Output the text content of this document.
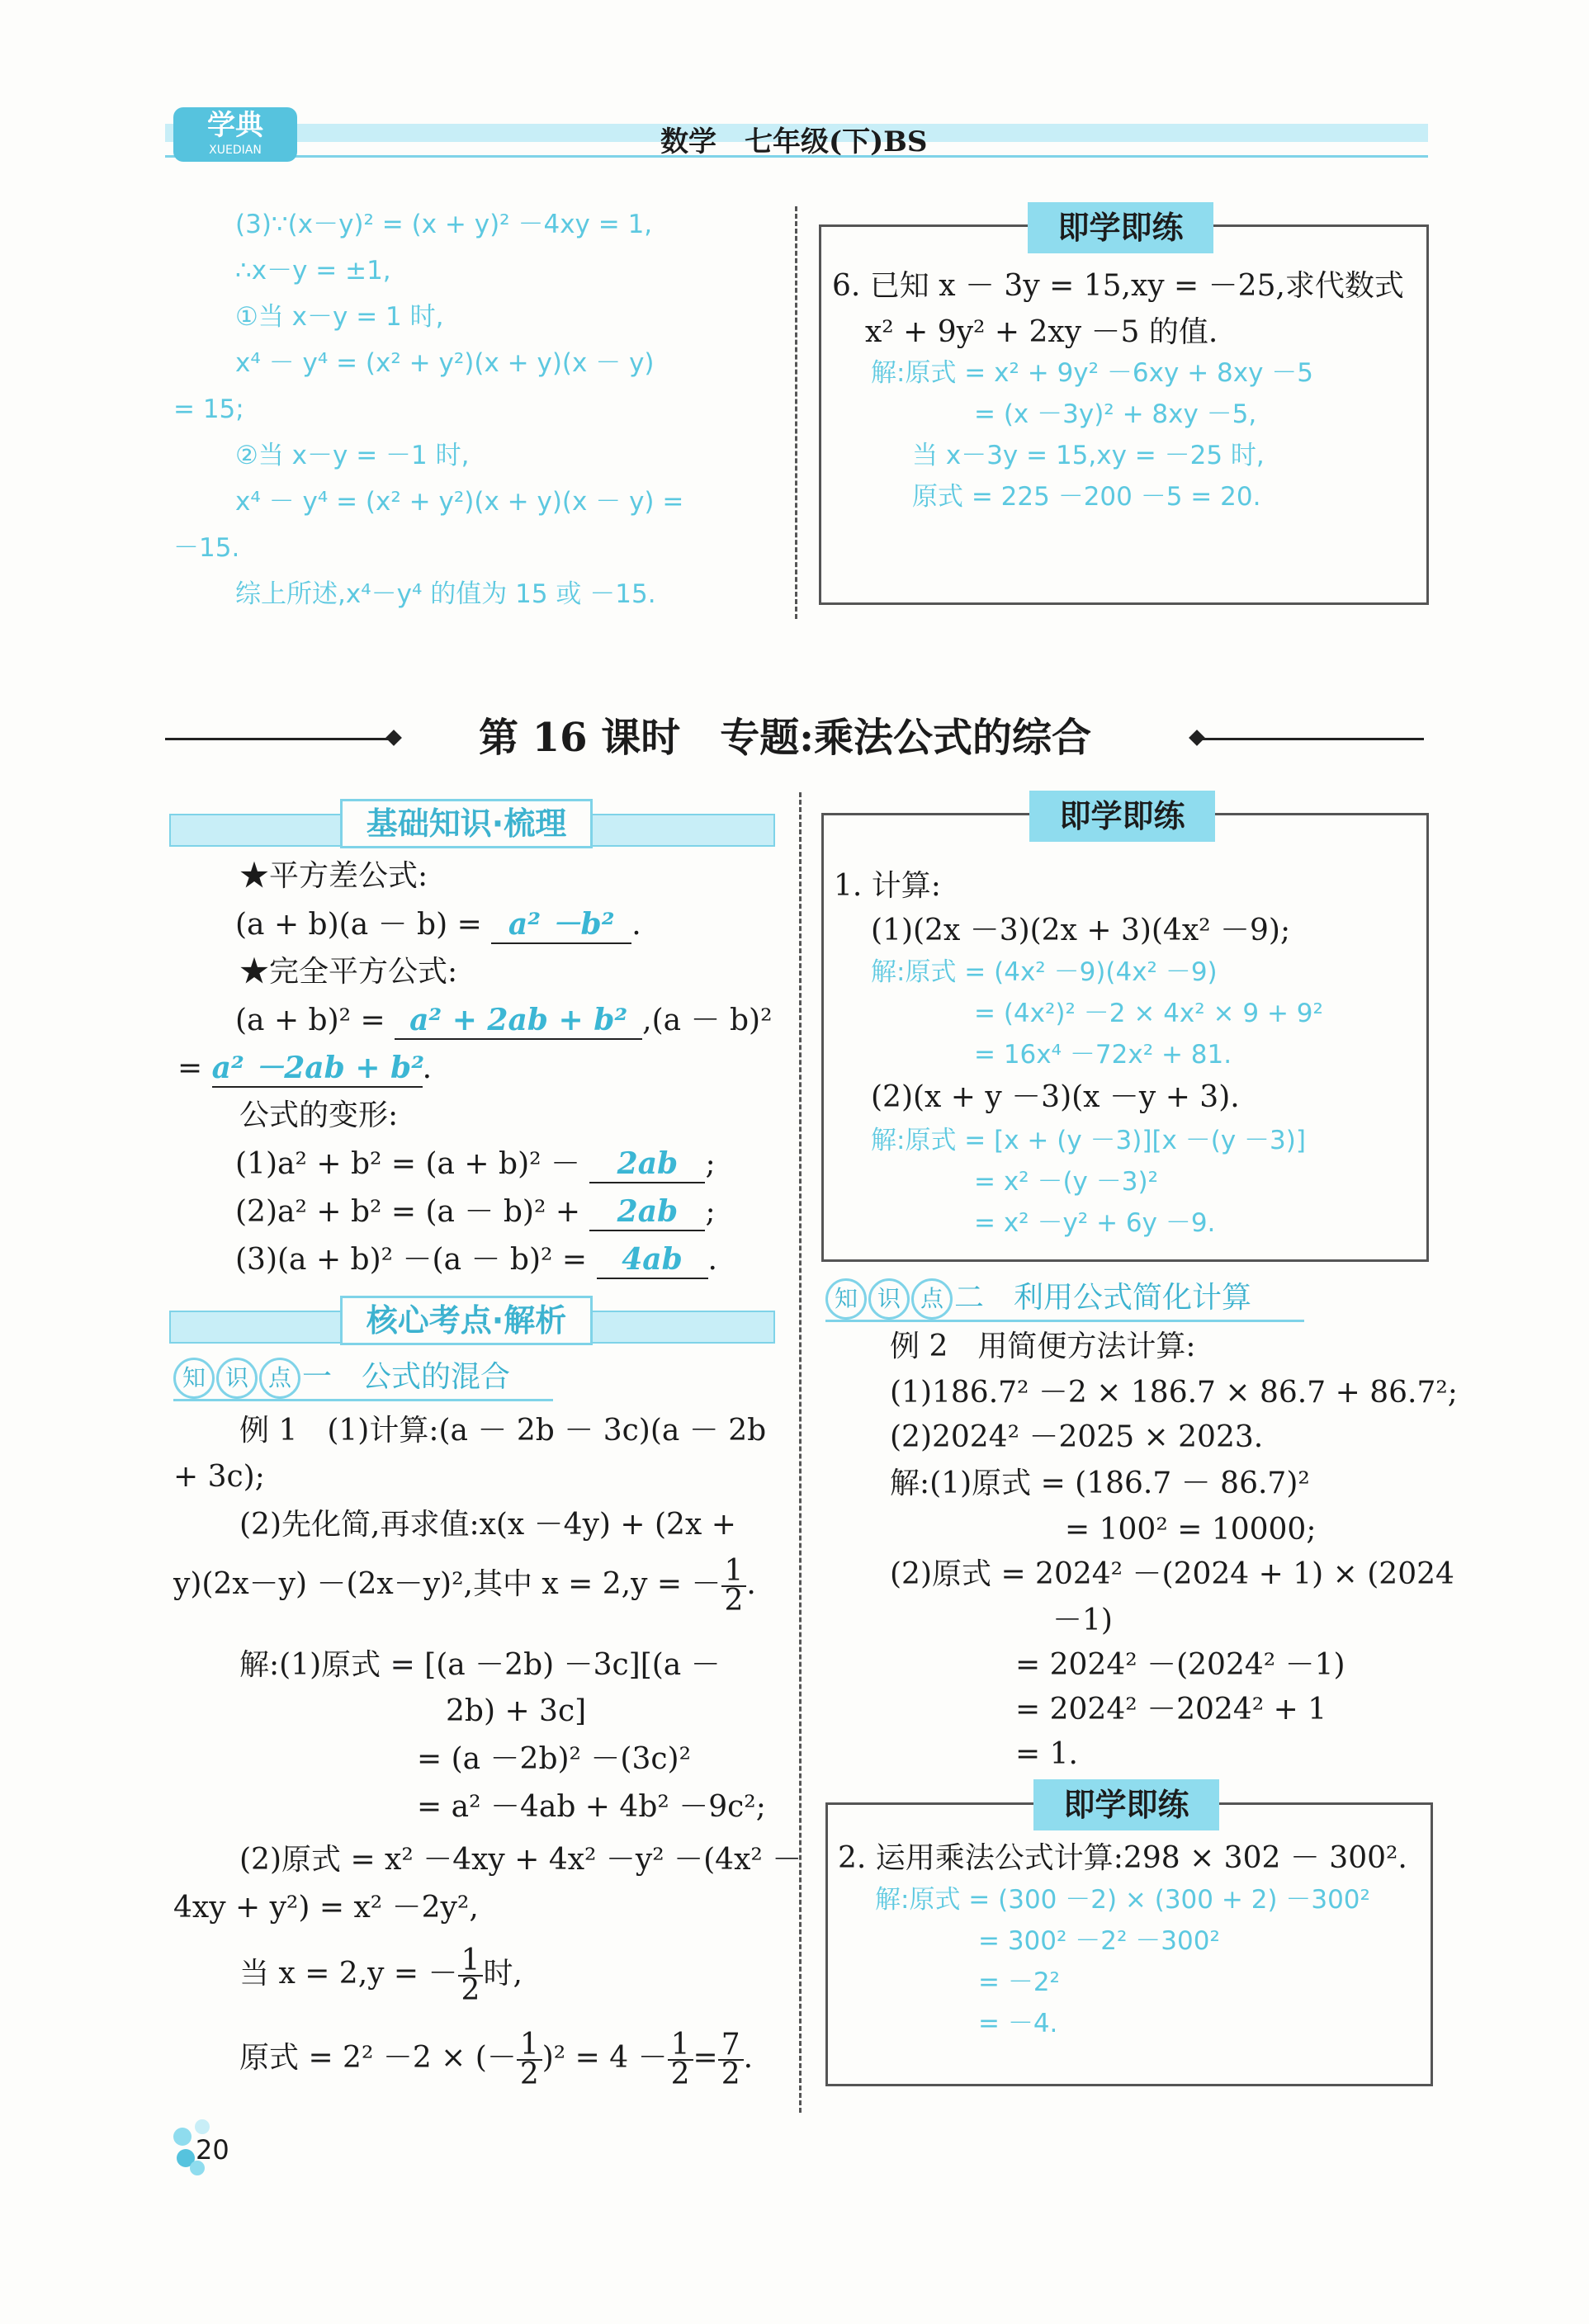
学典
XUEDIAN	数学　七年级(下)BS
(3)∵(x－y)² = (x + y)² －4xy = 1,
∴x－y = ±1,
①当 x－y = 1 时,
x⁴ － y⁴ = (x² + y²)(x + y)(x － y)
= 15;
②当 x－y = －1 时,
x⁴ － y⁴ = (x² + y²)(x + y)(x － y) =
－15.
综上所述,x⁴－y⁴ 的值为 15 或 －15.
即学即练
6. 已知 x － 3y = 15,xy = －25,求代数式
x² + 9y² + 2xy －5 的值.
解:原式 = x² + 9y² －6xy + 8xy －5
= (x －3y)² + 8xy －5,
当 x－3y = 15,xy = －25 时,
原式 = 225 －200 －5 = 20.
第 16 课时　专题:乘法公式的综合
基础知识·梳理
★平方差公式:
(a + b)(a － b) = a² －b² .
★完全平方公式:
(a + b)² = a² + 2ab + b² ,(a － b)²
= a² －2ab + b².
公式的变形:
(1)a² + b² = (a + b)² － 2ab ;
(2)a² + b² = (a － b)² + 2ab ;
(3)(a + b)² －(a － b)² = 4ab .
核心考点·解析
知 识 点 一　公式的混合
例 1　(1)计算:(a － 2b － 3c)(a － 2b
+ 3c);
(2)先化简,再求值:x(x －4y) + (2x +
y)(2x－y) －(2x－y)²,其中 x = 2,y = － $\frac{1}{2}$ .
解:(1)原式 = [(a －2b) －3c][(a －
2b) + 3c]
= (a －2b)² －(3c)²
= a² －4ab + 4b² －9c²;
(2)原式 = x² －4xy + 4x² －y² －(4x² －
4xy + y²) = x² －2y²,
当 x = 2,y = － $\frac{1}{2}$ 时,
原式 = 2² －2 × (－ $\frac{1}{2} )^2 = 4 - \frac{1}{2} = \frac{7}{2}$ .
即学即练
1. 计算:
(1)(2x －3)(2x + 3)(4x² －9);
解:原式 = (4x² －9)(4x² －9)
= (4x²)² －2 × 4x² × 9 + 9²
= 16x⁴ －72x² + 81.
(2)(x + y －3)(x －y + 3).
解:原式 = [x + (y －3)][x －(y －3)]
= x² －(y －3)²
= x² －y² + 6y －9.
知 识 点 二　利用公式简化计算
例 2　用简便方法计算:
(1)186.7² －2 × 186.7 × 86.7 + 86.7²;
(2)2024² －2025 × 2023.
解:(1)原式 = (186.7 － 86.7)²
= 100² = 10000;
(2)原式 = 2024² －(2024 + 1) × (2024
－1)
= 2024² －(2024² －1)
= 2024² －2024² + 1
= 1.
即学即练
2. 运用乘法公式计算:298 × 302 － 300².
解:原式 = (300 －2) × (300 + 2) －300²
= 300² －2² －300²
= －2²
= －4.
20
